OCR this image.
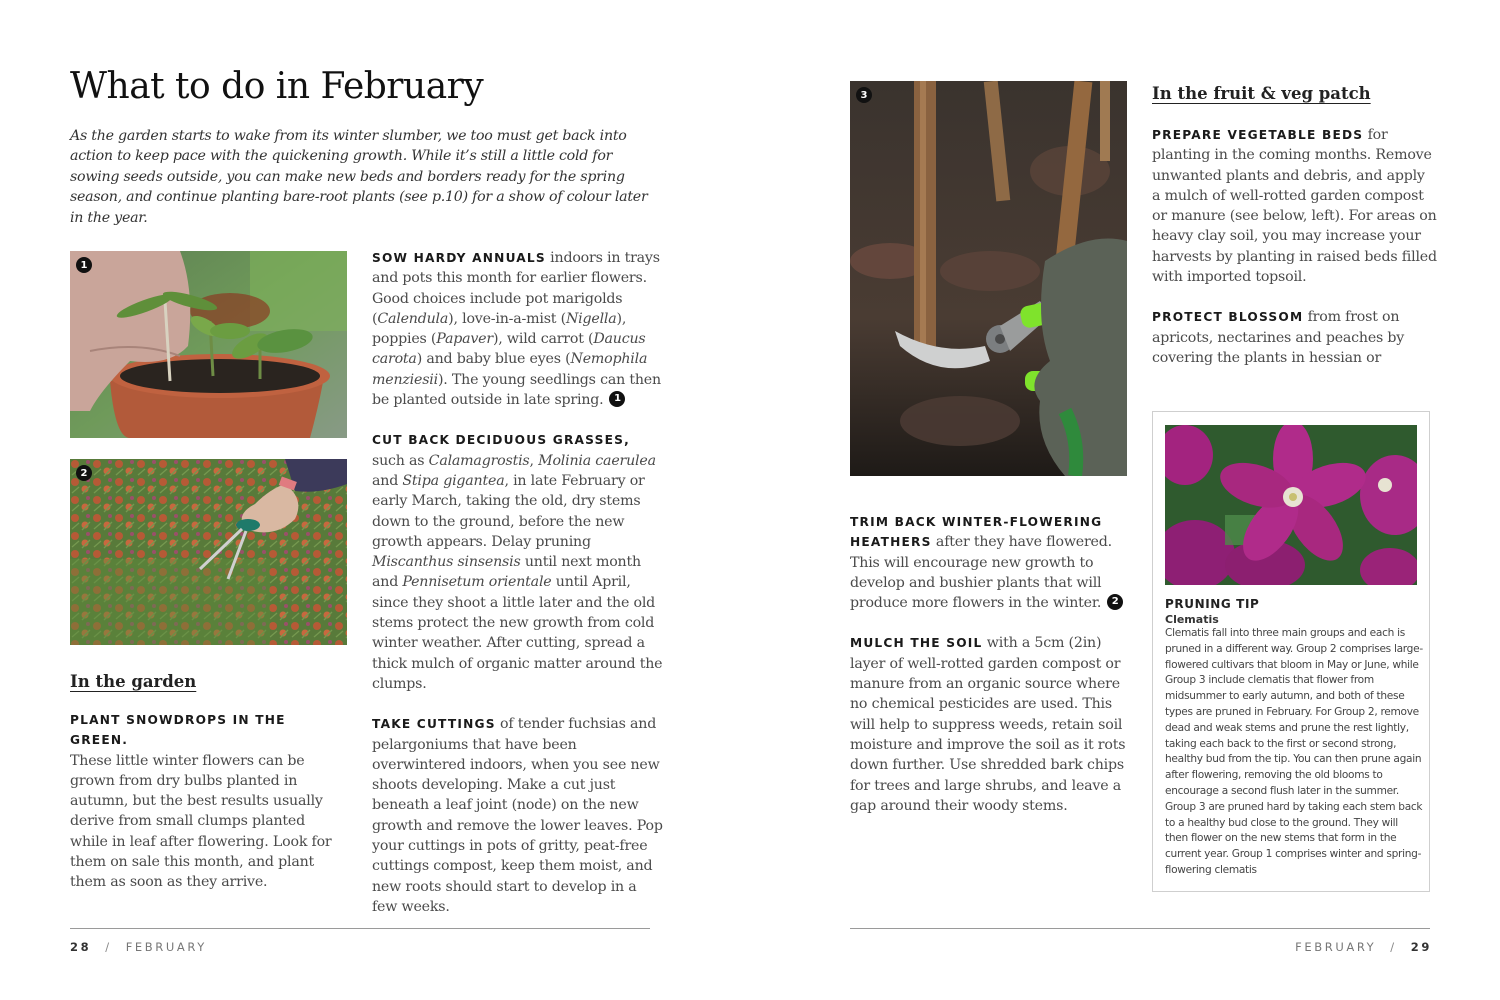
What to do in February

As the garden starts to wake from its winter slumber, we too must get back into action to keep pace with the quickening growth. While it’s still a little cold for sowing seeds outside, you can make new beds and borders ready for the spring season, and continue planting bare-root plants (see p.10) for a show of colour later in the year.

1
2
In the garden

PLANT SNOWDROPS IN THE GREEN.
These little winter flowers can be grown from dry bulbs planted in autumn, but the best results usually derive from small clumps planted while in leaf after flowering. Look for them on sale this month, and plant them as soon as they arrive.

SOW HARDY ANNUALS indoors in trays and pots this month for earlier flowers. Good choices include pot marigolds (Calendula), love-in-a-mist (Nigella), poppies (Papaver), wild carrot (Daucus carota) and baby blue eyes (Nemophila menziesii). The young seedlings can then be planted outside in late spring. 1

CUT BACK DECIDUOUS GRASSES, such as Calamagrostis, Molinia caerulea and Stipa gigantea, in late February or early March, taking the old, dry stems down to the ground, before the new growth appears. Delay pruning Miscanthus sinsensis until next month and Pennisetum orientale until April, since they shoot a little later and the old stems protect the new growth from cold winter weather. After cutting, spread a thick mulch of organic matter around the clumps.

TAKE CUTTINGS of tender fuchsias and pelargoniums that have been overwintered indoors, when you see new shoots developing. Make a cut just beneath a leaf joint (node) on the new growth and remove the lower leaves. Pop your cuttings in pots of gritty, peat-free cuttings compost, keep them moist, and new roots should start to develop in a few weeks.

28 / FEBRUARY
3

TRIM BACK WINTER-FLOWERING HEATHERS after they have flowered. This will encourage new growth to develop and bushier plants that will produce more flowers in the winter. 2

MULCH THE SOIL with a 5cm (2in) layer of well-rotted garden compost or manure from an organic source where no chemical pesticides are used. This will help to suppress weeds, retain soil moisture and improve the soil as it rots down further. Use shredded bark chips for trees and large shrubs, and leave a gap around their woody stems.

In the fruit & veg patch

PREPARE VEGETABLE BEDS for planting in the coming months. Remove unwanted plants and debris, and apply a mulch of well-rotted garden compost or manure (see below, left). For areas on heavy clay soil, you may increase your harvests by planting in raised beds filled with imported topsoil.

PROTECT BLOSSOM from frost on apricots, nectarines and peaches by covering the plants in hessian or

PRUNING TIP
Clematis

Clematis fall into three main groups and each is pruned in a different way. Group 2 comprises large-flowered cultivars that bloom in May or June, while Group 3 include clematis that flower from midsummer to early autumn, and both of these types are pruned in February. For Group 2, remove dead and weak stems and prune the rest lightly, taking each back to the first or second strong, healthy bud from the tip. You can then prune again after flowering, removing the old blooms to encourage a second flush later in the summer. Group 3 are pruned hard by taking each stem back to a healthy bud close to the ground. They will then flower on the new stems that form in the current year. Group 1 comprises winter and spring-flowering clematis

FEBRUARY / 29
